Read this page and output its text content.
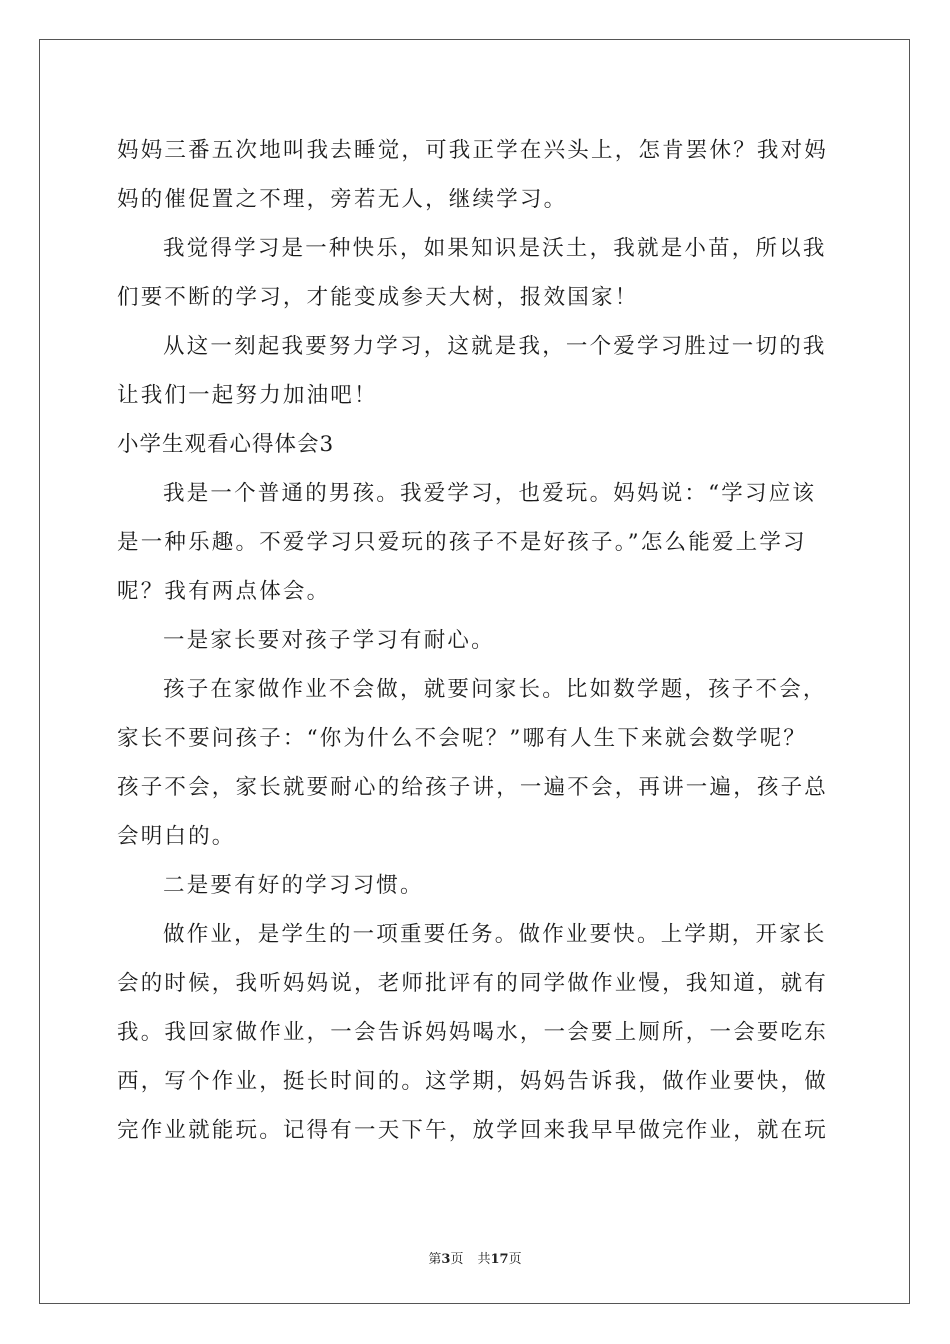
妈妈三番五次地叫我去睡觉，可我正学在兴头上，怎肯罢休？我对妈
妈的催促置之不理，旁若无人，继续学习。
我觉得学习是一种快乐，如果知识是沃土，我就是小苗，所以我
们要不断的学习，才能变成参天大树，报效国家！
从这一刻起我要努力学习，这就是我，一个爱学习胜过一切的我
让我们一起努力加油吧！
小学生观看心得体会3
我是一个普通的男孩。我爱学习，也爱玩。妈妈说：“学习应该
是一种乐趣。不爱学习只爱玩的孩子不是好孩子。”怎么能爱上学习
呢？我有两点体会。
一是家长要对孩子学习有耐心。
孩子在家做作业不会做，就要问家长。比如数学题，孩子不会，
家长不要问孩子：“你为什么不会呢？”哪有人生下来就会数学呢？
孩子不会，家长就要耐心的给孩子讲，一遍不会，再讲一遍，孩子总
会明白的。
二是要有好的学习习惯。
做作业，是学生的一项重要任务。做作业要快。上学期，开家长
会的时候，我听妈妈说，老师批评有的同学做作业慢，我知道，就有
我。我回家做作业，一会告诉妈妈喝水，一会要上厕所，一会要吃东
西，写个作业，挺长时间的。这学期，妈妈告诉我，做作业要快，做
完作业就能玩。记得有一天下午，放学回来我早早做完作业，就在玩
第3页 共17页
